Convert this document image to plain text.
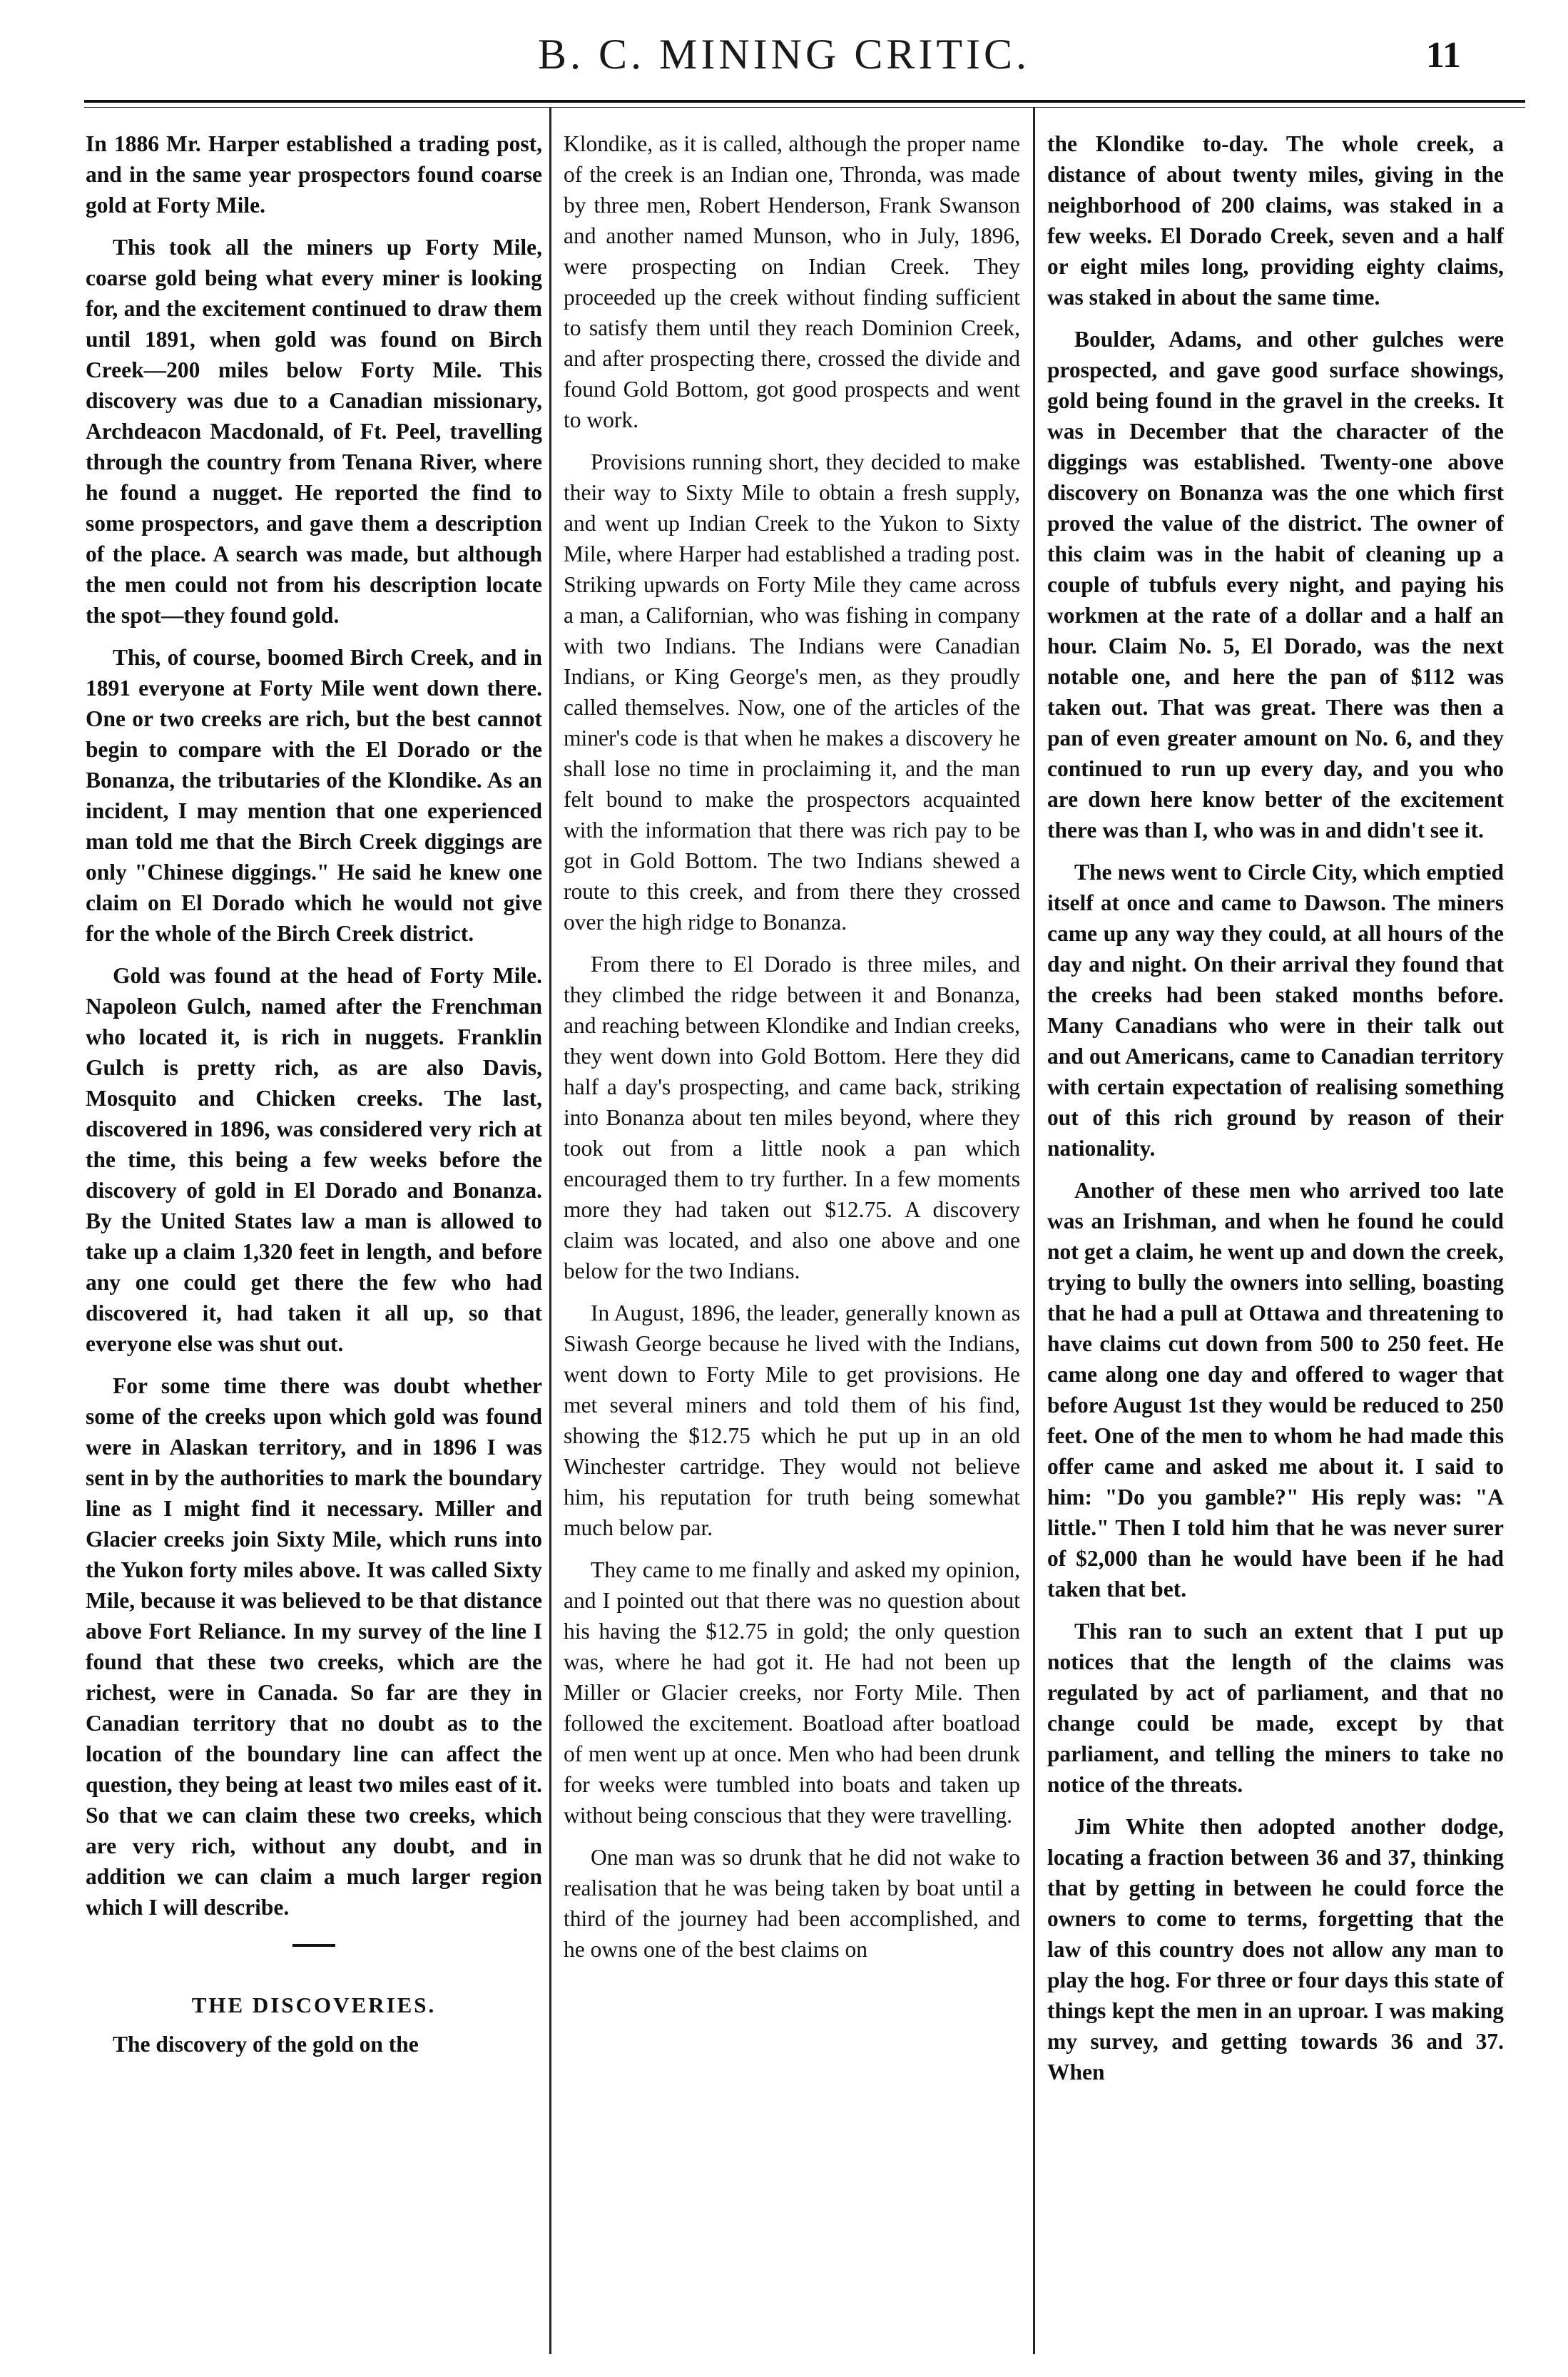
B. C. MINING CRITIC.	11

In 1886 Mr. Harper established a trading post, and in the same year prospectors found coarse gold at Forty Mile.

This took all the miners up Forty Mile, coarse gold being what every miner is looking for, and the excitement continued to draw them until 1891, when gold was found on Birch Creek—200 miles below Forty Mile. This discovery was due to a Canadian missionary, Archdeacon Macdonald, of Ft. Peel, travelling through the country from Tenana River, where he found a nugget. He reported the find to some prospectors, and gave them a description of the place. A search was made, but although the men could not from his description locate the spot—they found gold.

This, of course, boomed Birch Creek, and in 1891 everyone at Forty Mile went down there. One or two creeks are rich, but the best cannot begin to compare with the El Dorado or the Bonanza, the tributaries of the Klondike. As an incident, I may mention that one experienced man told me that the Birch Creek diggings are only "Chinese diggings." He said he knew one claim on El Dorado which he would not give for the whole of the Birch Creek district.

Gold was found at the head of Forty Mile. Napoleon Gulch, named after the Frenchman who located it, is rich in nuggets. Franklin Gulch is pretty rich, as are also Davis, Mosquito and Chicken creeks. The last, discovered in 1896, was considered very rich at the time, this being a few weeks before the discovery of gold in El Dorado and Bonanza. By the United States law a man is allowed to take up a claim 1,320 feet in length, and before any one could get there the few who had discovered it, had taken it all up, so that everyone else was shut out.

For some time there was doubt whether some of the creeks upon which gold was found were in Alaskan territory, and in 1896 I was sent in by the authorities to mark the boundary line as I might find it necessary. Miller and Glacier creeks join Sixty Mile, which runs into the Yukon forty miles above. It was called Sixty Mile, because it was believed to be that distance above Fort Reliance. In my survey of the line I found that these two creeks, which are the richest, were in Canada. So far are they in Canadian territory that no doubt as to the location of the boundary line can affect the question, they being at least two miles east of it. So that we can claim these two creeks, which are very rich, without any doubt, and in addition we can claim a much larger region which I will describe.

THE DISCOVERIES.

The discovery of the gold on the

Klondike, as it is called, although the proper name of the creek is an Indian one, Thronda, was made by three men, Robert Henderson, Frank Swanson and another named Munson, who in July, 1896, were prospecting on Indian Creek. They proceeded up the creek without finding sufficient to satisfy them until they reach Dominion Creek, and after prospecting there, crossed the divide and found Gold Bottom, got good prospects and went to work.

Provisions running short, they decided to make their way to Sixty Mile to obtain a fresh supply, and went up Indian Creek to the Yukon to Sixty Mile, where Harper had established a trading post. Striking upwards on Forty Mile they came across a man, a Californian, who was fishing in company with two Indians. The Indians were Canadian Indians, or King George's men, as they proudly called themselves. Now, one of the articles of the miner's code is that when he makes a discovery he shall lose no time in proclaiming it, and the man felt bound to make the prospectors acquainted with the information that there was rich pay to be got in Gold Bottom. The two Indians shewed a route to this creek, and from there they crossed over the high ridge to Bonanza.

From there to El Dorado is three miles, and they climbed the ridge between it and Bonanza, and reaching between Klondike and Indian creeks, they went down into Gold Bottom. Here they did half a day's prospecting, and came back, striking into Bonanza about ten miles beyond, where they took out from a little nook a pan which encouraged them to try further. In a few moments more they had taken out $12.75. A discovery claim was located, and also one above and one below for the two Indians.

In August, 1896, the leader, generally known as Siwash George because he lived with the Indians, went down to Forty Mile to get provisions. He met several miners and told them of his find, showing the $12.75 which he put up in an old Winchester cartridge. They would not believe him, his reputation for truth being somewhat much below par.

They came to me finally and asked my opinion, and I pointed out that there was no question about his having the $12.75 in gold; the only question was, where he had got it. He had not been up Miller or Glacier creeks, nor Forty Mile. Then followed the excitement. Boatload after boatload of men went up at once. Men who had been drunk for weeks were tumbled into boats and taken up without being conscious that they were travelling.

One man was so drunk that he did not wake to realisation that he was being taken by boat until a third of the journey had been accomplished, and he owns one of the best claims on

the Klondike to-day. The whole creek, a distance of about twenty miles, giving in the neighborhood of 200 claims, was staked in a few weeks. El Dorado Creek, seven and a half or eight miles long, providing eighty claims, was staked in about the same time.

Boulder, Adams, and other gulches were prospected, and gave good surface showings, gold being found in the gravel in the creeks. It was in December that the character of the diggings was established. Twenty-one above discovery on Bonanza was the one which first proved the value of the district. The owner of this claim was in the habit of cleaning up a couple of tubfuls every night, and paying his workmen at the rate of a dollar and a half an hour. Claim No. 5, El Dorado, was the next notable one, and here the pan of $112 was taken out. That was great. There was then a pan of even greater amount on No. 6, and they continued to run up every day, and you who are down here know better of the excitement there was than I, who was in and didn't see it.

The news went to Circle City, which emptied itself at once and came to Dawson. The miners came up any way they could, at all hours of the day and night. On their arrival they found that the creeks had been staked months before. Many Canadians who were in their talk out and out Americans, came to Canadian territory with certain expectation of realising something out of this rich ground by reason of their nationality.

Another of these men who arrived too late was an Irishman, and when he found he could not get a claim, he went up and down the creek, trying to bully the owners into selling, boasting that he had a pull at Ottawa and threatening to have claims cut down from 500 to 250 feet. He came along one day and offered to wager that before August 1st they would be reduced to 250 feet. One of the men to whom he had made this offer came and asked me about it. I said to him: "Do you gamble?" His reply was: "A little." Then I told him that he was never surer of $2,000 than he would have been if he had taken that bet.

This ran to such an extent that I put up notices that the length of the claims was regulated by act of parliament, and that no change could be made, except by that parliament, and telling the miners to take no notice of the threats.

Jim White then adopted another dodge, locating a fraction between 36 and 37, thinking that by getting in between he could force the owners to come to terms, forgetting that the law of this country does not allow any man to play the hog. For three or four days this state of things kept the men in an uproar. I was making my survey, and getting towards 36 and 37. When
